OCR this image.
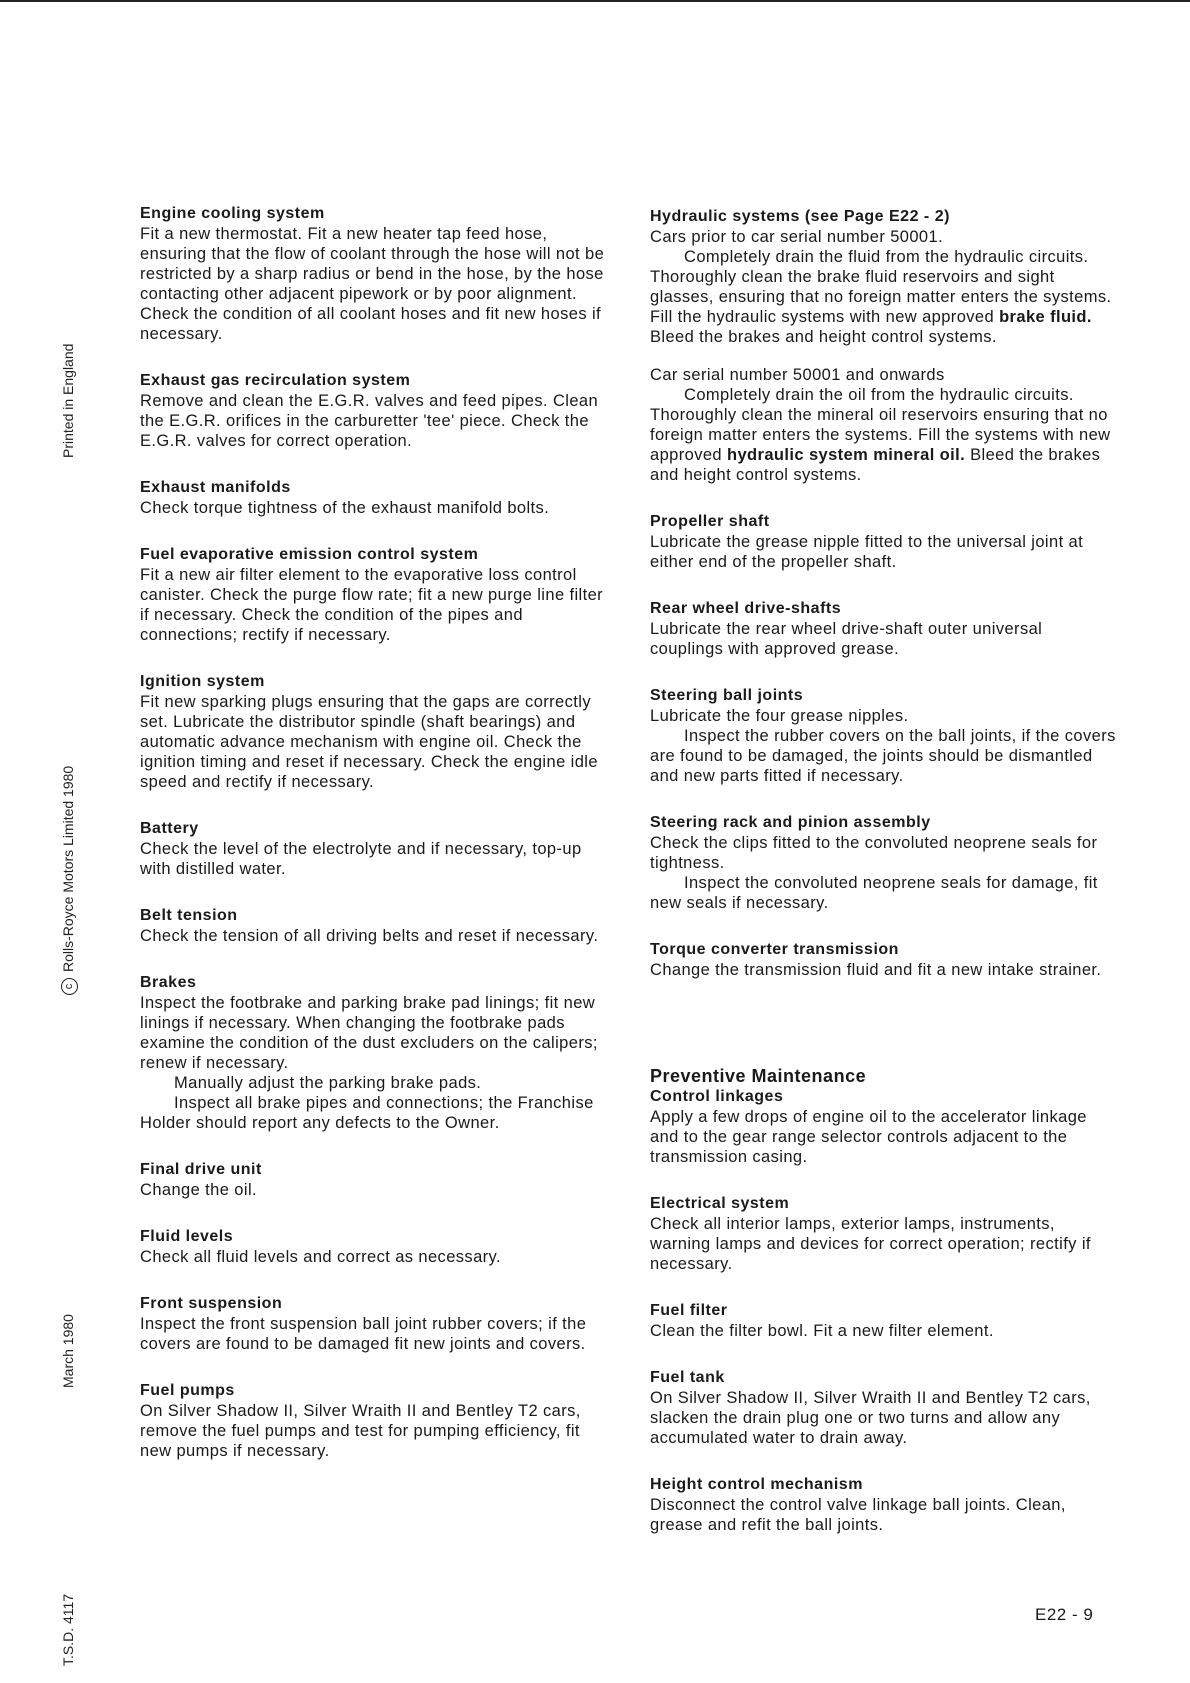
Printed in England
cRolls-Royce Motors Limited 1980
March 1980
T.S.D. 4117
Engine cooling system

Fit a new thermostat. Fit a new heater tap feed hose, ensuring that the flow of coolant through the hose will not be restricted by a sharp radius or bend in the hose, by the hose contacting other adjacent pipework or by poor alignment. Check the condition of all coolant hoses and fit new hoses if necessary.

Exhaust gas recirculation system

Remove and clean the E.G.R. valves and feed pipes. Clean the E.G.R. orifices in the carburetter 'tee' piece. Check the E.G.R. valves for correct operation.

Exhaust manifolds

Check torque tightness of the exhaust manifold bolts.

Fuel evaporative emission control system

Fit a new air filter element to the evaporative loss control canister. Check the purge flow rate; fit a new purge line filter if necessary. Check the condition of the pipes and connections; rectify if necessary.

Ignition system

Fit new sparking plugs ensuring that the gaps are correctly set. Lubricate the distributor spindle (shaft bearings) and automatic advance mechanism with engine oil. Check the ignition timing and reset if necessary. Check the engine idle speed and rectify if necessary.

Battery

Check the level of the electrolyte and if necessary, top-up with distilled water.

Belt tension

Check the tension of all driving belts and reset if necessary.

Brakes

Inspect the footbrake and parking brake pad linings; fit new linings if necessary. When changing the footbrake pads examine the condition of the dust excluders on the calipers; renew if necessary.

Manually adjust the parking brake pads.

Inspect all brake pipes and connections; the Franchise Holder should report any defects to the Owner.

Final drive unit

Change the oil.

Fluid levels

Check all fluid levels and correct as necessary.

Front suspension

Inspect the front suspension ball joint rubber covers; if the covers are found to be damaged fit new joints and covers.

Fuel pumps

On Silver Shadow II, Silver Wraith II and Bentley T2 cars, remove the fuel pumps and test for pumping efficiency, fit new pumps if necessary.

Hydraulic systems (see Page E22 - 2)

Cars prior to car serial number 50001.

Completely drain the fluid from the hydraulic circuits. Thoroughly clean the brake fluid reservoirs and sight glasses, ensuring that no foreign matter enters the systems. Fill the hydraulic systems with new approved brake fluid. Bleed the brakes and height control systems.

Car serial number 50001 and onwards

Completely drain the oil from the hydraulic circuits. Thoroughly clean the mineral oil reservoirs ensuring that no foreign matter enters the systems. Fill the systems with new approved hydraulic system mineral oil. Bleed the brakes and height control systems.

Propeller shaft

Lubricate the grease nipple fitted to the universal joint at either end of the propeller shaft.

Rear wheel drive-shafts

Lubricate the rear wheel drive-shaft outer universal couplings with approved grease.

Steering ball joints

Lubricate the four grease nipples.

Inspect the rubber covers on the ball joints, if the covers are found to be damaged, the joints should be dismantled and new parts fitted if necessary.

Steering rack and pinion assembly

Check the clips fitted to the convoluted neoprene seals for tightness.

Inspect the convoluted neoprene seals for damage, fit new seals if necessary.

Torque converter transmission

Change the transmission fluid and fit a new intake strainer.

Preventive Maintenance
Control linkages

Apply a few drops of engine oil to the accelerator linkage and to the gear range selector controls adjacent to the transmission casing.

Electrical system

Check all interior lamps, exterior lamps, instruments, warning lamps and devices for correct operation; rectify if necessary.

Fuel filter

Clean the filter bowl. Fit a new filter element.

Fuel tank

On Silver Shadow II, Silver Wraith II and Bentley T2 cars, slacken the drain plug one or two turns and allow any accumulated water to drain away.

Height control mechanism

Disconnect the control valve linkage ball joints. Clean, grease and refit the ball joints.

E22 - 9
